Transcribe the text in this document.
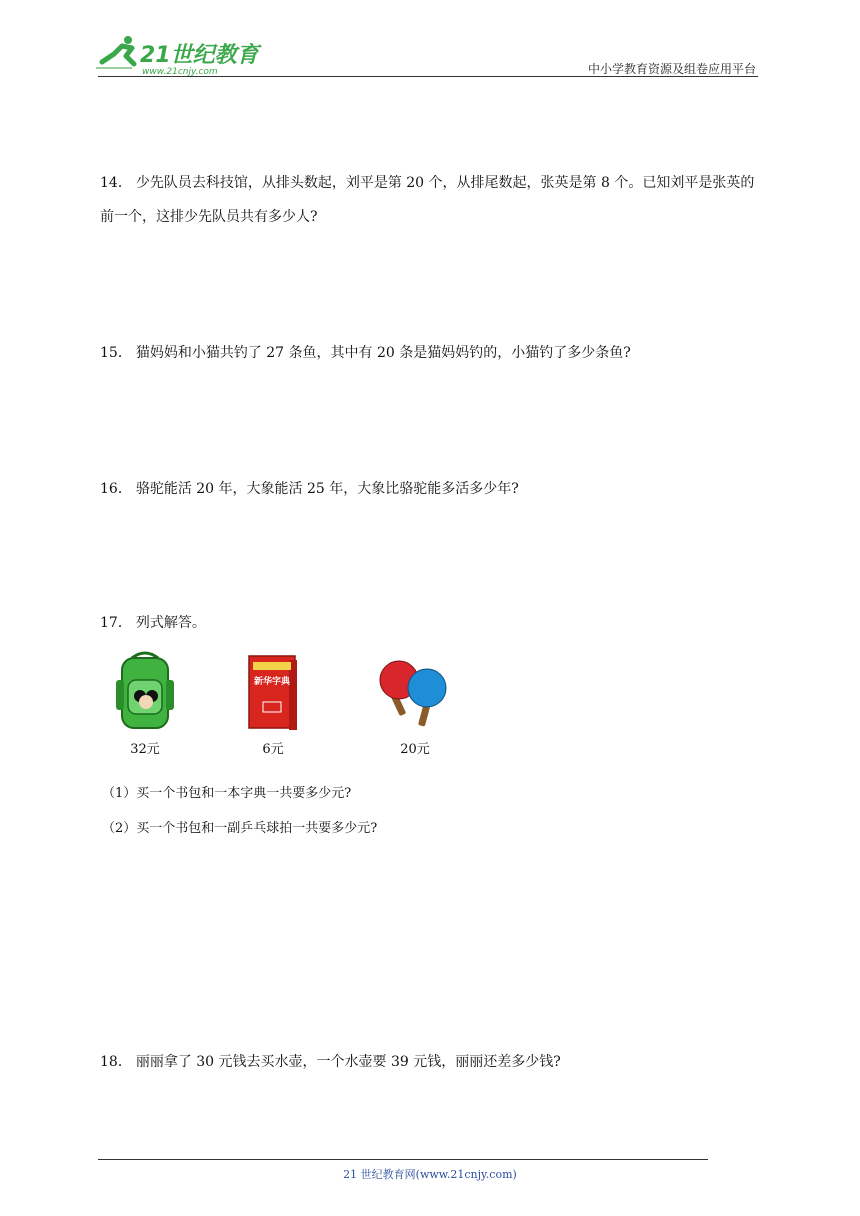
21世纪教育
www.21cnjy.com	中小学教育资源及组卷应用平台
14． 少先队员去科技馆，从排头数起，刘平是第 20 个，从排尾数起，张英是第 8 个。已知刘平是张英的前一个，这排少先队员共有多少人?
15． 猫妈妈和小猫共钓了 27 条鱼，其中有 20 条是猫妈妈钓的，小猫钓了多少条鱼?
16． 骆驼能活 20 年，大象能活 25 年，大象比骆驼能多活多少年?
17． 列式解答。
32元
新华字典
6元	20元
（1）买一个书包和一本字典一共要多少元?
（2）买一个书包和一副乒乓球拍一共要多少元?
18． 丽丽拿了 30 元钱去买水壶，一个水壶要 39 元钱，丽丽还差多少钱?
21 世纪教育网(www.21cnjy.com)
